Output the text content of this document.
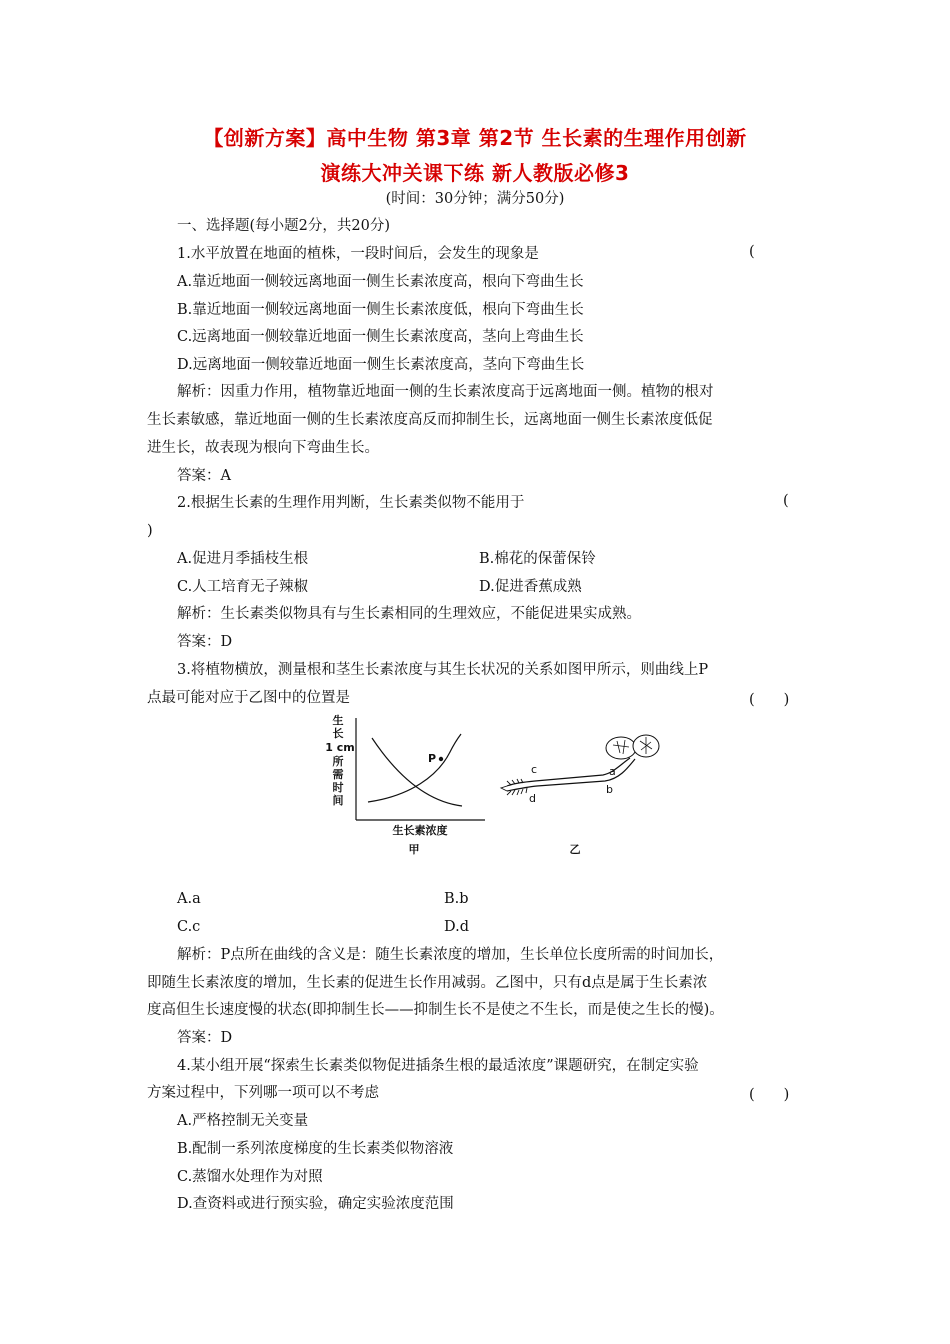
【创新方案】高中生物 第3章 第2节 生长素的生理作用创新
演练大冲关课下练 新人教版必修3
(时间：30分钟；满分50分)
一、选择题(每小题2分，共20分)
1.水平放置在地面的植株，一段时间后，会发生的现象是	(
A.靠近地面一侧较远离地面一侧生长素浓度高，根向下弯曲生长
B.靠近地面一侧较远离地面一侧生长素浓度低，根向下弯曲生长
C.远离地面一侧较靠近地面一侧生长素浓度高，茎向上弯曲生长
D.远离地面一侧较靠近地面一侧生长素浓度高，茎向下弯曲生长
解析：因重力作用，植物靠近地面一侧的生长素浓度高于远离地面一侧。植物的根对
生长素敏感，靠近地面一侧的生长素浓度高反而抑制生长，远离地面一侧生长素浓度低促
进生长，故表现为根向下弯曲生长。
答案：A
2.根据生长素的生理作用判断，生长素类似物不能用于	(
)
A.促进月季插枝生根	B.棉花的保蕾保铃
C.人工培育无子辣椒	D.促进香蕉成熟
解析：生长素类似物具有与生长素相同的生理效应，不能促进果实成熟。
答案：D
3.将植物横放，测量根和茎生长素浓度与其生长状况的关系如图甲所示，则曲线上P
点最可能对应于乙图中的位置是	(　　)
生
长
1 cm
所
需
时
间
P
生长素浓度
甲
a
b
c
d
乙
A.a	B.b
C.c	D.d
解析：P点所在曲线的含义是：随生长素浓度的增加，生长单位长度所需的时间加长，
即随生长素浓度的增加，生长素的促进生长作用减弱。乙图中，只有d点是属于生长素浓
度高但生长速度慢的状态(即抑制生长——抑制生长不是使之不生长，而是使之生长的慢)。
答案：D
4.某小组开展“探索生长素类似物促进插条生根的最适浓度”课题研究，在制定实验
方案过程中，下列哪一项可以不考虑	(　　)
A.严格控制无关变量
B.配制一系列浓度梯度的生长素类似物溶液
C.蒸馏水处理作为对照
D.查资料或进行预实验，确定实验浓度范围
